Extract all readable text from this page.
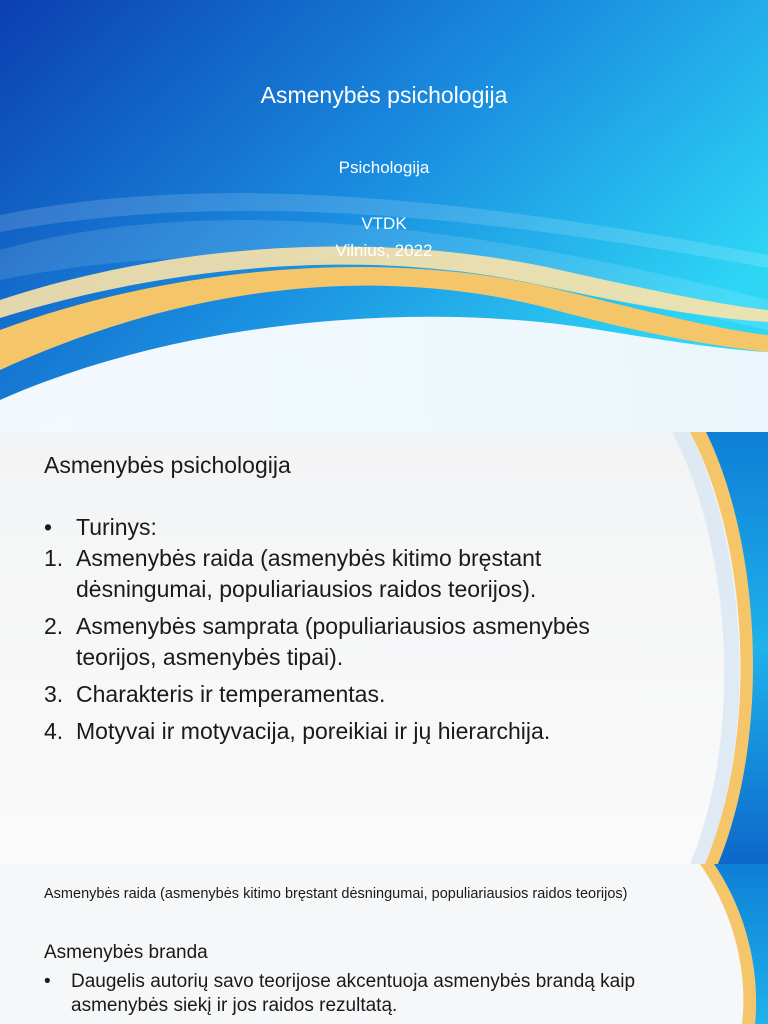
Asmenybės psichologija
Psichologija
VTDK
Vilnius, 2022
Asmenybės psichologija
•	Turinys:
1. Asmenybės raida (asmenybės kitimo bręstant dėsningumai, populiariausios raidos teorijos).
2. Asmenybės samprata (populiariausios asmenybės teorijos, asmenybės tipai).
3. Charakteris ir temperamentas.
4. Motyvai ir motyvacija, poreikiai ir jų hierarchija.
Asmenybės raida (asmenybės kitimo bręstant dėsningumai, populiariausios raidos teorijos)
Asmenybės branda
•	Daugelis autorių savo teorijose akcentuoja asmenybės brandą kaip asmenybės siekį ir jos raidos rezultatą.
